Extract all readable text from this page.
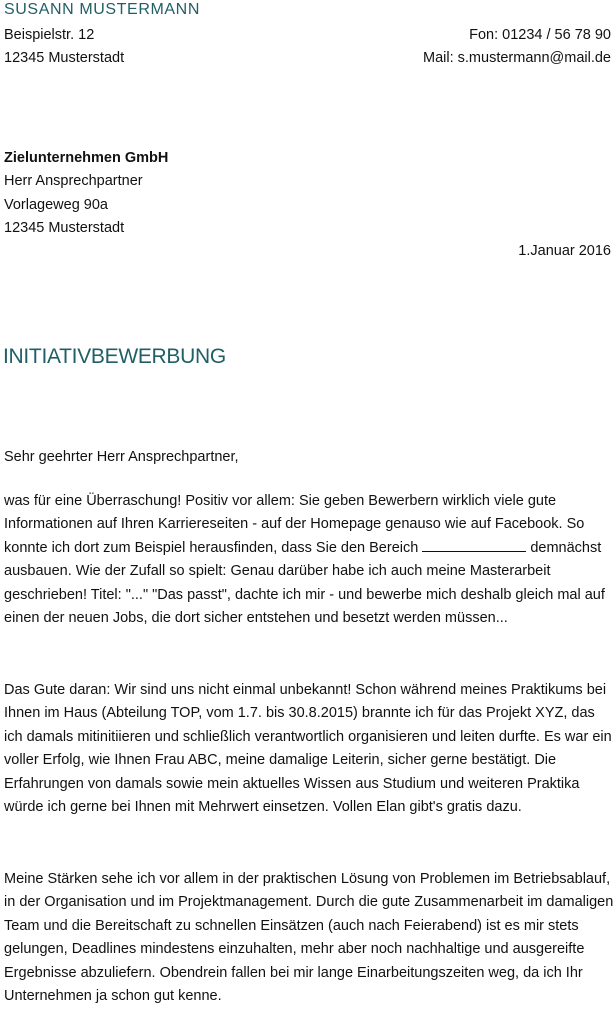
SUSANN MUSTERMANN
Beispielstr. 12	Fon: 01234 / 56 78 90
12345 Musterstadt	Mail: s.mustermann@mail.de
Zielunternehmen GmbH
Herr Ansprechpartner
Vorlageweg 90a
12345 Musterstadt
1.Januar 2016
INITIATIVBEWERBUNG
Sehr geehrter Herr Ansprechpartner,

was für eine Überraschung! Positiv vor allem: Sie geben Bewerbern wirklich viele gute Informationen auf Ihren Karriereseiten - auf der Homepage genauso wie auf Facebook. So konnte ich dort zum Beispiel herausfinden, dass Sie den Bereich	demnächst ausbauen. Wie der Zufall so spielt: Genau darüber habe ich auch meine Masterarbeit geschrieben! Titel: "..." "Das passt", dachte ich mir - und bewerbe mich deshalb gleich mal auf einen der neuen Jobs, die dort sicher entstehen und besetzt werden müssen...

Das Gute daran: Wir sind uns nicht einmal unbekannt! Schon während meines Praktikums bei Ihnen im Haus (Abteilung TOP, vom 1.7. bis 30.8.2015) brannte ich für das Projekt XYZ, das ich damals mitinitiieren und schließlich verantwortlich organisieren und leiten durfte. Es war ein voller Erfolg, wie Ihnen Frau ABC, meine damalige Leiterin, sicher gerne bestätigt. Die Erfahrungen von damals sowie mein aktuelles Wissen aus Studium und weiteren Praktika würde ich gerne bei Ihnen mit Mehrwert einsetzen. Vollen Elan gibt's gratis dazu.

Meine Stärken sehe ich vor allem in der praktischen Lösung von Problemen im Betriebsablauf, in der Organisation und im Projektmanagement. Durch die gute Zusammenarbeit im damaligen Team und die Bereitschaft zu schnellen Einsätzen (auch nach Feierabend) ist es mir stets gelungen, Deadlines mindestens einzuhalten, mehr aber noch nachhaltige und ausgereifte Ergebnisse abzuliefern. Obendrein fallen bei mir lange Einarbeitungszeiten weg, da ich Ihr Unternehmen ja schon gut kenne.
